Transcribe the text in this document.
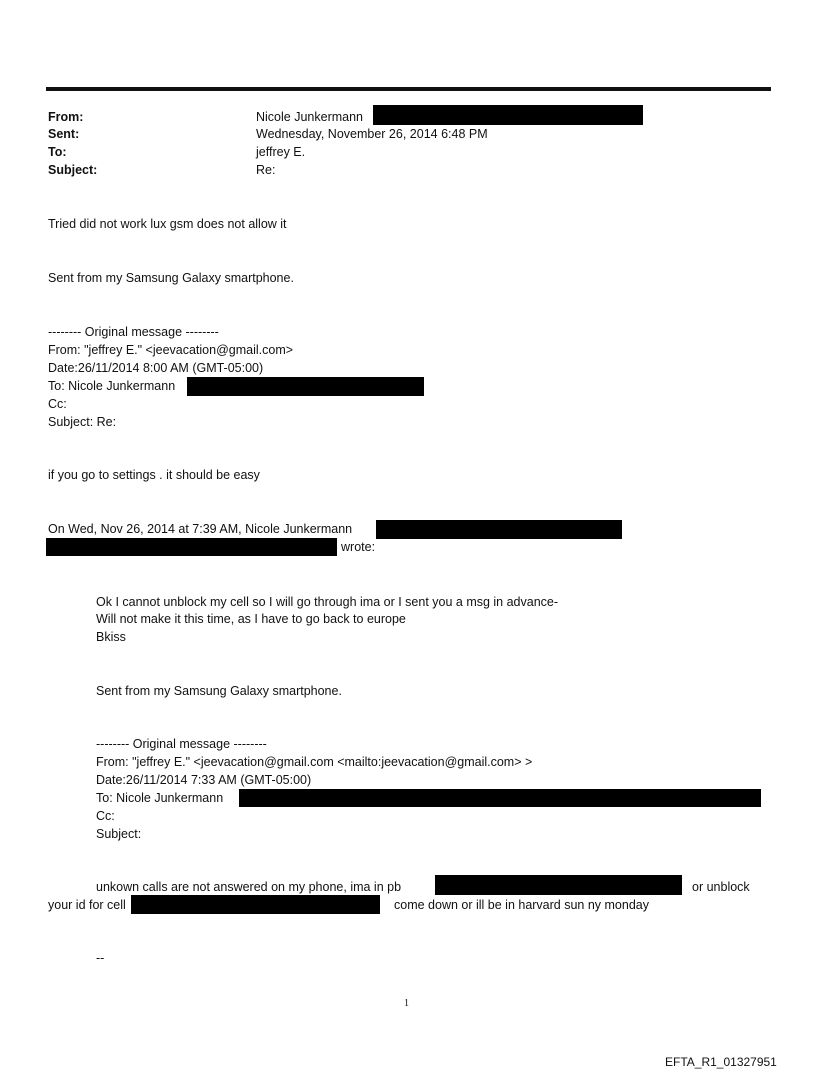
From:	Nicole Junkermann
Sent:	Wednesday, November 26, 2014 6:48 PM
To:	jeffrey E.
Subject:	Re:
Tried did not work lux gsm does not allow it
Sent from my Samsung Galaxy smartphone.
-------- Original message --------
From: "jeffrey E." <jeevacation@gmail.com>
Date:26/11/2014 8:00 AM (GMT-05:00)
To: Nicole Junkermann
Cc:
Subject: Re:
if you go to settings . it should be easy
On Wed, Nov 26, 2014 at 7:39 AM, Nicole Junkermann
wrote:
Ok I cannot unblock my cell so I will go through ima or I sent you a msg in advance-
Will not make it this time, as I have to go back to europe
Bkiss
Sent from my Samsung Galaxy smartphone.
-------- Original message --------
From: "jeffrey E." <jeevacation@gmail.com <mailto:jeevacation@gmail.com> >
Date:26/11/2014 7:33 AM (GMT-05:00)
To: Nicole Junkermann
Cc:
Subject:
unkown calls are not answered on my phone, ima in pb	or unblock
your id for cell	come down or ill be in harvard sun ny monday
--
1
EFTA_R1_01327951
